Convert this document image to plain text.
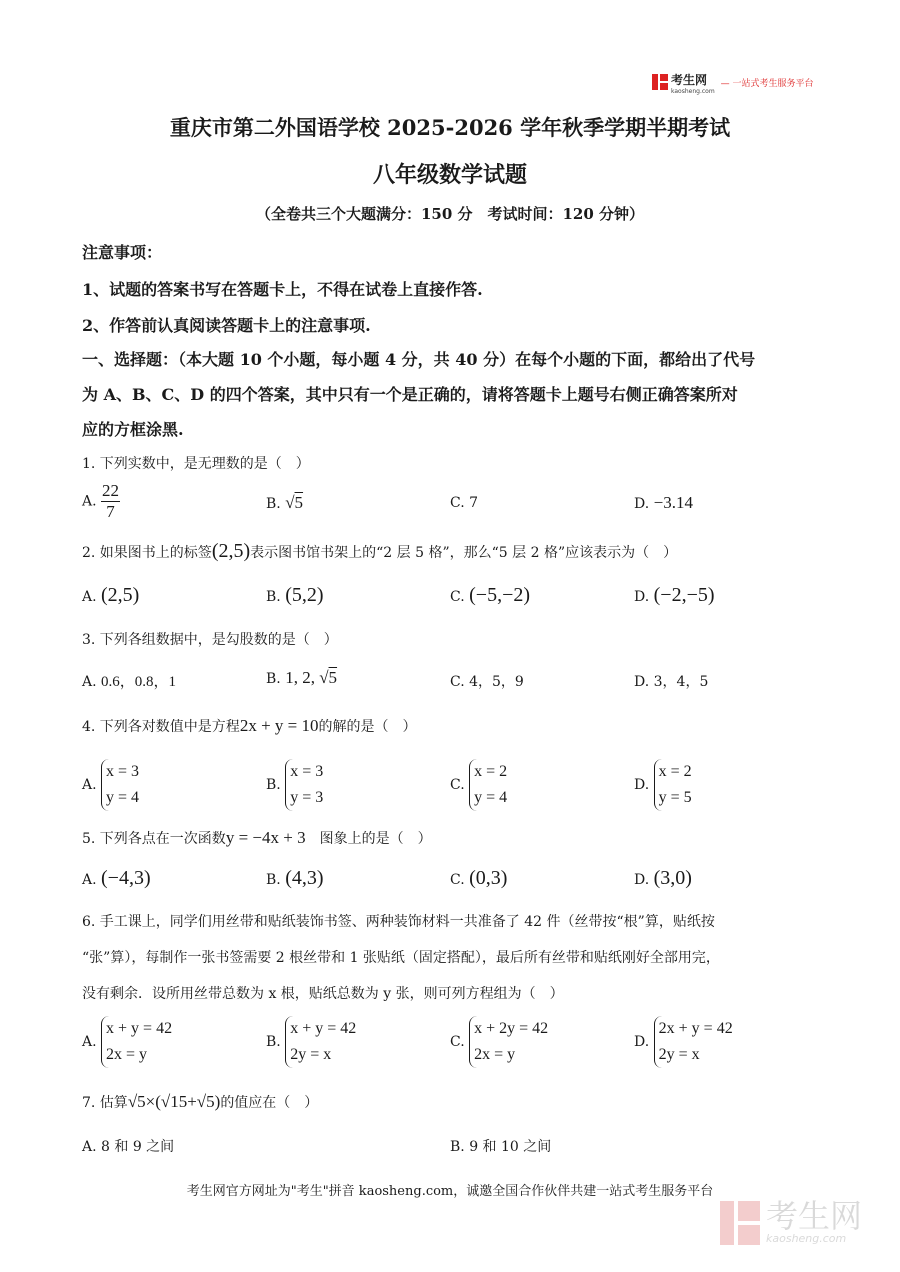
考生网
kaosheng.com
— 一站式考生服务平台
重庆市第二外国语学校 2025-2026 学年秋季学期半期考试
八年级数学试题
（全卷共三个大题满分：150 分　考试时间：120 分钟）
注意事项：
1、试题的答案书写在答题卡上，不得在试卷上直接作答.
2、作答前认真阅读答题卡上的注意事项.
一、选择题：（本大题 10 个小题，每小题 4 分，共 40 分）在每个小题的下面，都给出了代号
为 A、B、C、D 的四个答案，其中只有一个是正确的，请将答题卡上题号右侧正确答案所对
应的方框涂黑.
1. 下列实数中，是无理数的是（　）
A. $\frac{22}{7}$	B. √5	C. 7	D. −3.14
2. 如果图书上的标签(2,5)表示图书馆书架上的“2 层 5 格”，那么“5 层 2 格”应该表示为（　）
A. (2,5)	B. (5,2)	C. (−5,−2)	D. (−2,−5)
3. 下列各组数据中，是勾股数的是（　）
A. 0.6，0.8，1	B. 1, 2, √5	C. 4，5，9	D. 3，4，5
4. 下列各对数值中是方程2x + y = 10的解的是（　）
A. x = 3
y = 4
B. x = 3
y = 3
C. x = 2
y = 4
D. x = 2
y = 5
5. 下列各点在一次函数y = −4x + 3　图象上的是（　）
A. (−4,3)	B. (4,3)	C. (0,3)	D. (3,0)
6. 手工课上，同学们用丝带和贴纸装饰书签、两种装饰材料一共准备了 42 件（丝带按“根”算，贴纸按
“张”算），每制作一张书签需要 2 根丝带和 1 张贴纸（固定搭配），最后所有丝带和贴纸刚好全部用完，
没有剩余．设所用丝带总数为 x 根，贴纸总数为 y 张，则可列方程组为（　）
A. x + y = 42
2x = y
B. x + y = 42
2y = x
C. x + 2y = 42
2x = y
D. 2x + y = 42
2y = x
7. 估算√5×(√15+√5)的值应在（　）
A. 8 和 9 之间	B. 9 和 10 之间
考生网官方网址为"考生"拼音 kaosheng.com，诚邀全国合作伙伴共建一站式考生服务平台
考生网
kaosheng.com
